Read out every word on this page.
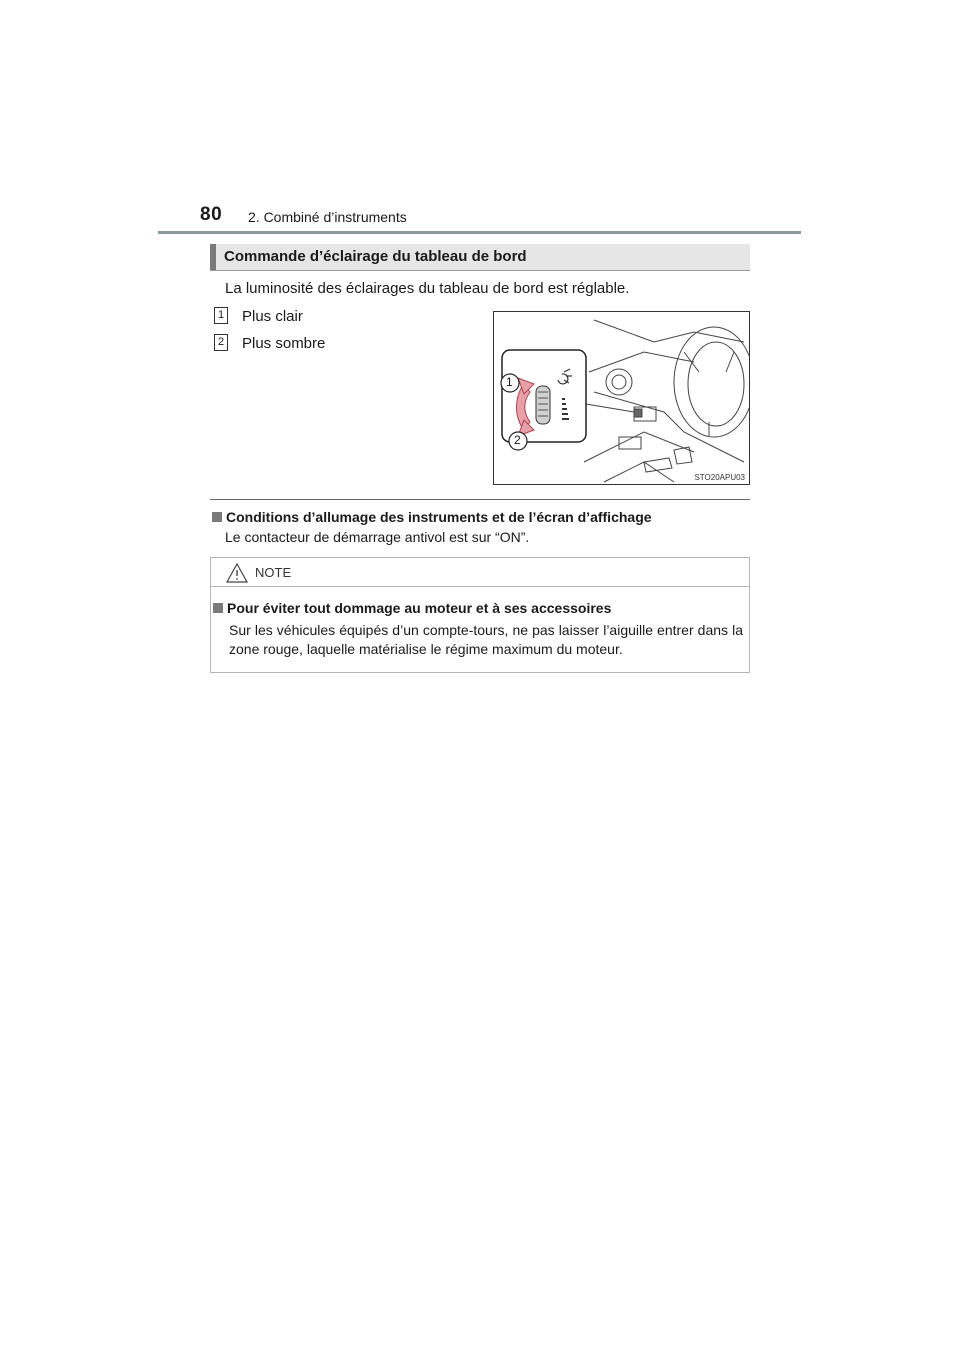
80 2. Combiné d’instruments
Commande d’éclairage du tableau de bord
La luminosité des éclairages du tableau de bord est réglable.
1 Plus clair
2 Plus sombre
1
2
STO20APU03
Conditions d’allumage des instruments et de l’écran d’affichage
Le contacteur de démarrage antivol est sur “ON”.
NOTE
Pour éviter tout dommage au moteur et à ses accessoires
Sur les véhicules équipés d’un compte-tours, ne pas laisser l’aiguille entrer dans la zone rouge, laquelle matérialise le régime maximum du moteur.
